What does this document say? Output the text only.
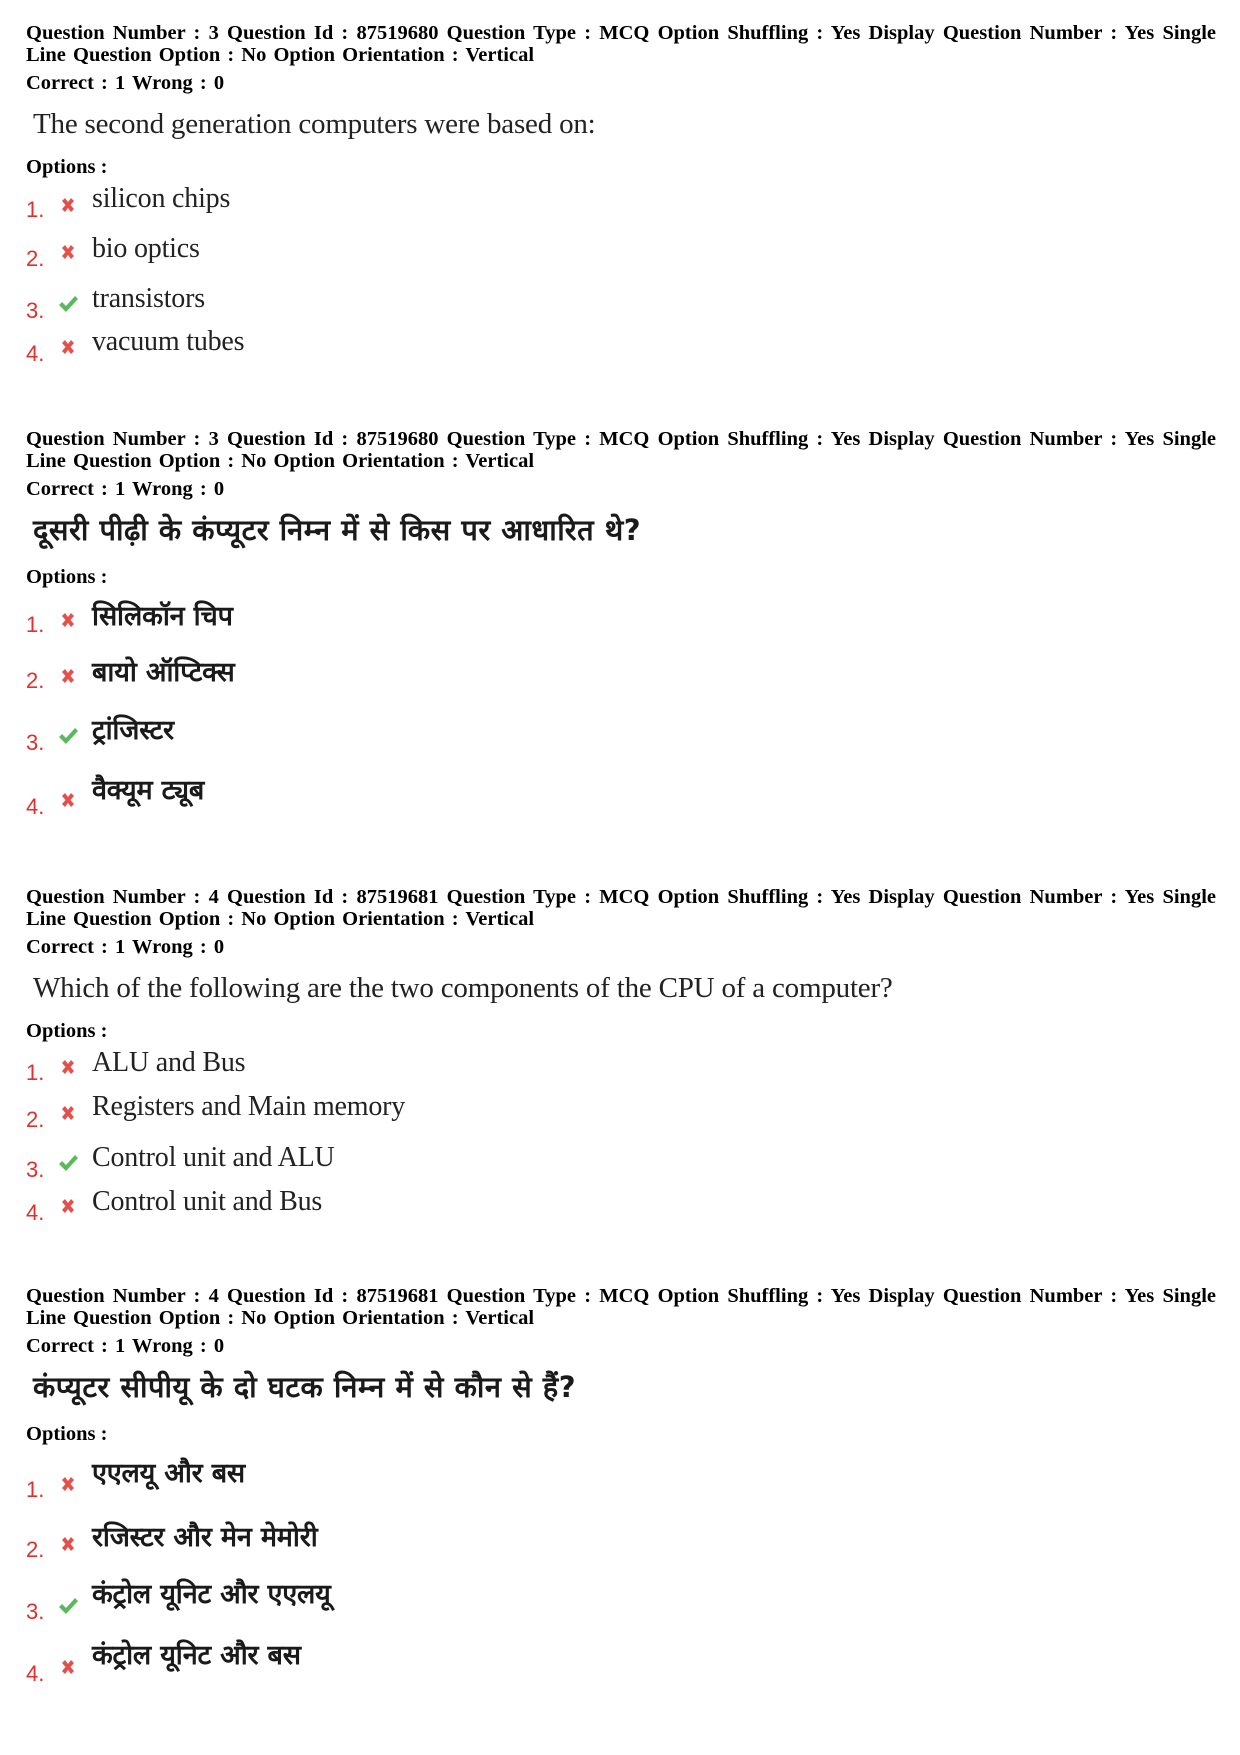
Question Number : 3 Question Id : 87519680 Question Type : MCQ Option Shuffling : Yes Display Question Number : Yes Single Line Question Option : No Option Orientation : Vertical
Correct : 1 Wrong : 0
The second generation computers were based on:
Options :
1. silicon chips
2. bio optics
3. transistors
4. vacuum tubes
Question Number : 3 Question Id : 87519680 Question Type : MCQ Option Shuffling : Yes Display Question Number : Yes Single Line Question Option : No Option Orientation : Vertical
Correct : 1 Wrong : 0
दूसरी पीढ़ी के कंप्यूटर निम्न में से किस पर आधारित थे?
Options :
1. सिलिकॉन चिप
2. बायो ऑप्टिक्स
3. ट्रांजिस्टर
4.
वैक्यूम ट्यूब
Question Number : 4 Question Id : 87519681 Question Type : MCQ Option Shuffling : Yes Display Question Number : Yes Single Line Question Option : No Option Orientation : Vertical
Correct : 1 Wrong : 0
Which of the following are the two components of the CPU of a computer?
Options :
1. ALU and Bus
2. Registers and Main memory
3. Control unit and ALU
4. Control unit and Bus
Question Number : 4 Question Id : 87519681 Question Type : MCQ Option Shuffling : Yes Display Question Number : Yes Single Line Question Option : No Option Orientation : Vertical
Correct : 1 Wrong : 0
कंप्यूटर सीपीयू के दो घटक निम्न में से कौन से हैं?
Options :
1.
एएलयू और बस
2. रजिस्टर और मेन मेमोरी
3.
कंट्रोल यूनिट और एएलयू
4.
कंट्रोल यूनिट और बस
